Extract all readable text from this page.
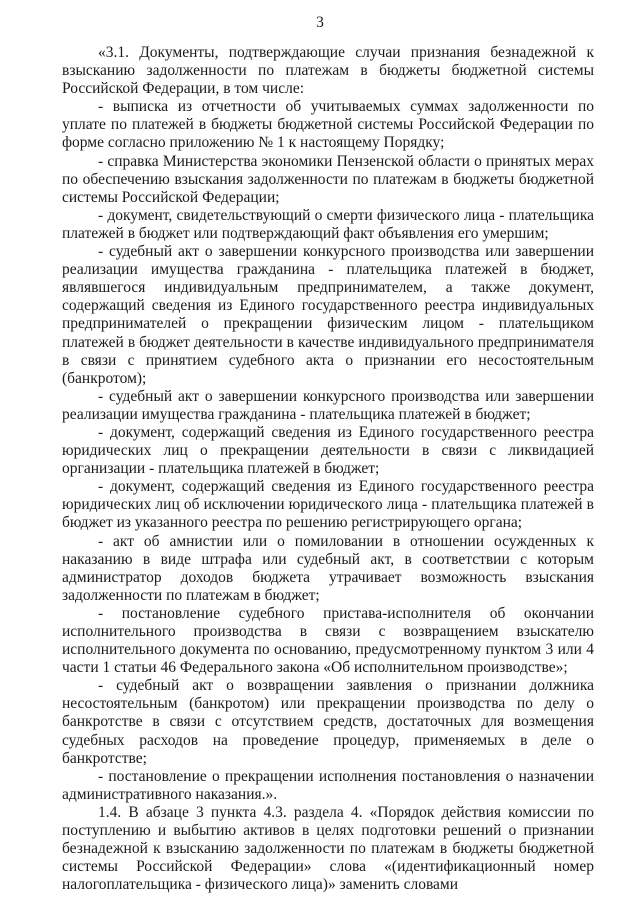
3

«3.1. Документы, подтверждающие случаи признания безнадежной к взысканию задолженности по платежам в бюджеты бюджетной системы Российской Федерации, в том числе:

- выписка из отчетности об учитываемых суммах задолженности по уплате по платежей в бюджеты бюджетной системы Российской Федерации по форме согласно приложению № 1 к настоящему Порядку;

- справка Министерства экономики Пензенской области о принятых мерах по обеспечению взыскания задолженности по платежам в бюджеты бюджетной системы Российской Федерации;

- документ, свидетельствующий о смерти физического лица - плательщика платежей в бюджет или подтверждающий факт объявления его умершим;

- судебный акт о завершении конкурсного производства или завершении реализации имущества гражданина - плательщика платежей в бюджет, являвшегося индивидуальным предпринимателем, а также документ, содержащий сведения из Единого государственного реестра индивидуальных предпринимателей о прекращении физическим лицом - плательщиком платежей в бюджет деятельности в качестве индивидуального предпринимателя в связи с принятием судебного акта о признании его несостоятельным (банкротом);

- судебный акт о завершении конкурсного производства или завершении реализации имущества гражданина - плательщика платежей в бюджет;

- документ, содержащий сведения из Единого государственного реестра юридических лиц о прекращении деятельности в связи с ликвидацией организации - плательщика платежей в бюджет;

- документ, содержащий сведения из Единого государственного реестра юридических лиц об исключении юридического лица - плательщика платежей в бюджет из указанного реестра по решению регистрирующего органа;

- акт об амнистии или о помиловании в отношении осужденных к наказанию в виде штрафа или судебный акт, в соответствии с которым администратор доходов бюджета утрачивает возможность взыскания задолженности по платежам в бюджет;

- постановление судебного пристава-исполнителя об окончании исполнительного производства в связи с возвращением взыскателю исполнительного документа по основанию, предусмотренному пунктом 3 или 4 части 1 статьи 46 Федерального закона «Об исполнительном производстве»;

- судебный акт о возвращении заявления о признании должника несостоятельным (банкротом) или прекращении производства по делу о банкротстве в связи с отсутствием средств, достаточных для возмещения судебных расходов на проведение процедур, применяемых в деле о банкротстве;

- постановление о прекращении исполнения постановления о назначении административного наказания.».

1.4. В абзаце 3 пункта 4.3. раздела 4. «Порядок действия комиссии по поступлению и выбытию активов в целях подготовки решений о признании безнадежной к взысканию задолженности по платежам в бюджеты бюджетной системы Российской Федерации» слова «(идентификационный номер налогоплательщика - физического лица)» заменить словами
